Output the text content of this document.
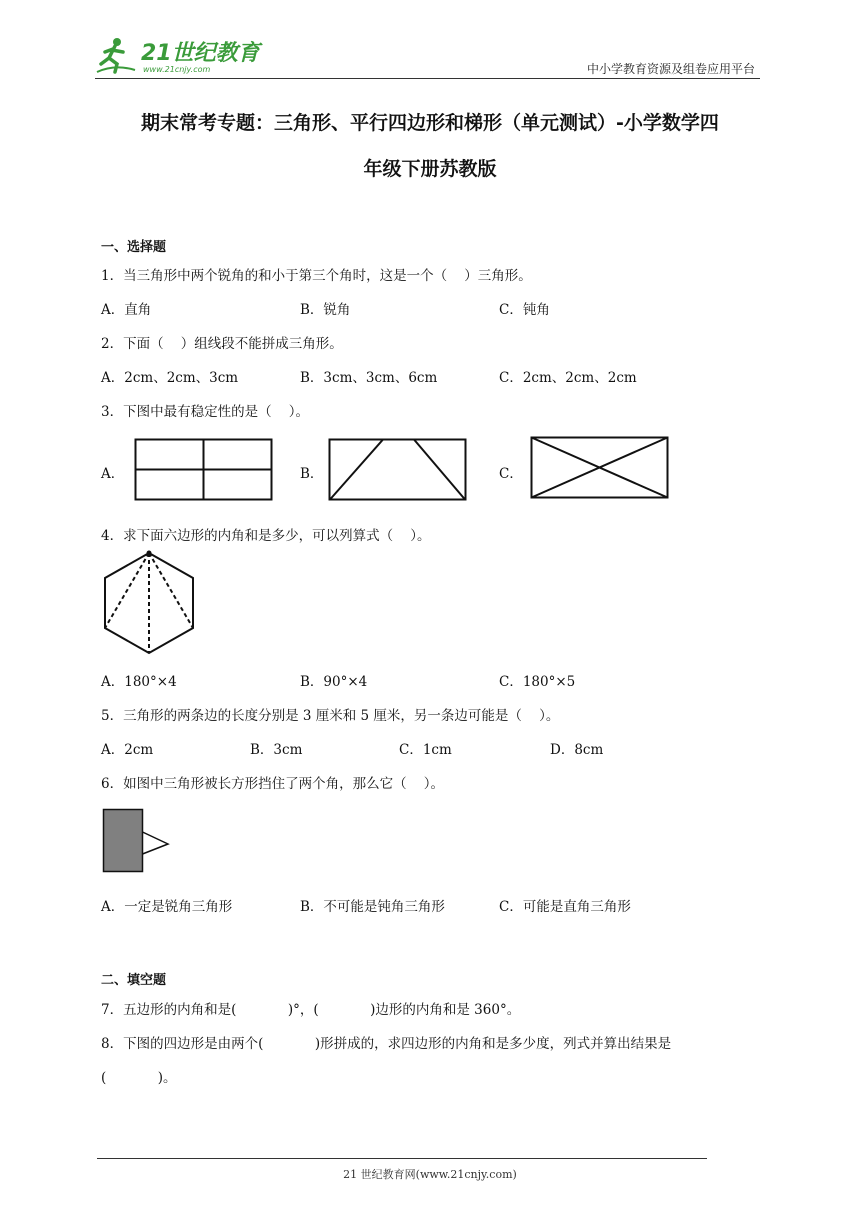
21世纪教育
www.21cnjy.com	中小学教育资源及组卷应用平台
期末常考专题：三角形、平行四边形和梯形（单元测试）-小学数学四
年级下册苏教版
一、选择题
1．当三角形中两个锐角的和小于第三个角时，这是一个（    ）三角形。
A．直角	B．锐角	C．钝角
2．下面（    ）组线段不能拼成三角形。
A．2cm、2cm、3cm	B．3cm、3cm、6cm	C．2cm、2cm、2cm
3．下图中最有稳定性的是（    ）。
A．	B．	C．
4．求下面六边形的内角和是多少，可以列算式（    ）。
A．180°×4	B．90°×4	C．180°×5
5．三角形的两条边的长度分别是 3 厘米和 5 厘米，另一条边可能是（    ）。
A．2cm	B．3cm	C．1cm	D．8cm
6．如图中三角形被长方形挡住了两个角，那么它（    ）。
A．一定是锐角三角形	B．不可能是钝角三角形	C．可能是直角三角形
二、填空题
7．五边形的内角和是(            )°，(            )边形的内角和是 360°。
8．下图的四边形是由两个(            )形拼成的，求四边形的内角和是多少度，列式并算出结果是
(            )。
21 世纪教育网(www.21cnjy.com)
